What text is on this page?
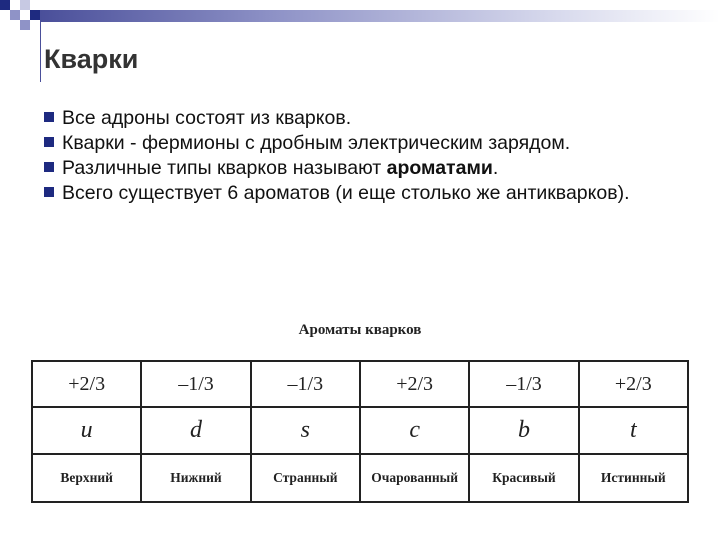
Кварки

Все адроны состоят из кварков.

Кварки - фермионы с дробным электрическим зарядом.

Различные типы кварков называют ароматами.

Всего существует 6 ароматов (и еще столько же антикварков).

Ароматы кварков
+2/3	–1/3	–1/3	+2/3	–1/3	+2/3
u	d	s	c	b	t
Верхний	Нижний	Странный	Очарованный	Красивый	Истинный
